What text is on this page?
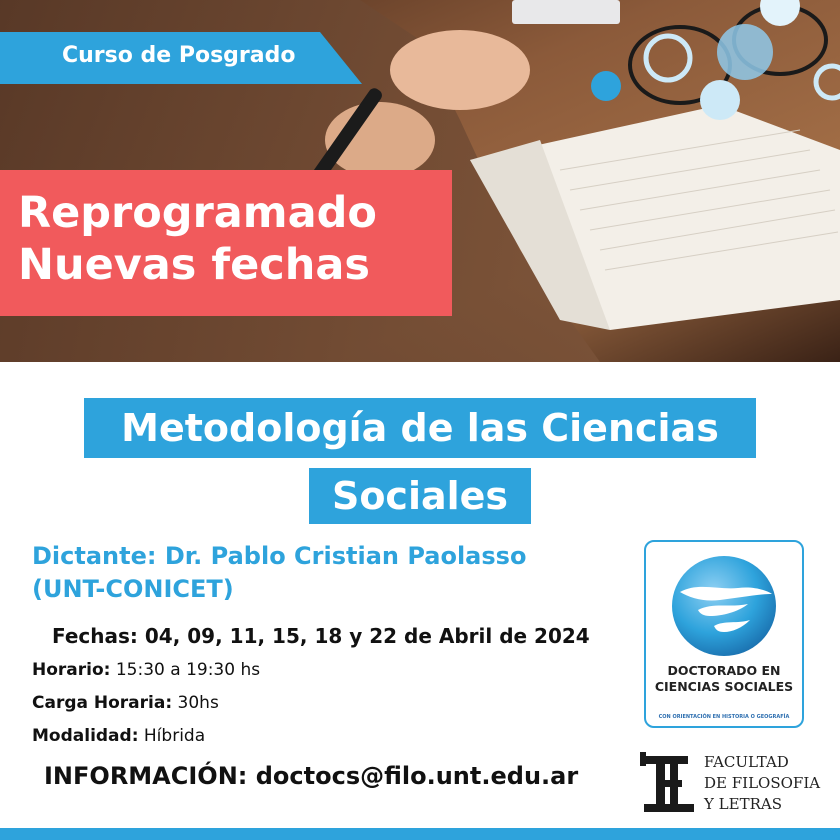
Curso de Posgrado
Reprogramado
Nuevas fechas
Metodología de las Ciencias
Sociales
Dictante: Dr. Pablo Cristian Paolasso
(UNT-CONICET)
Fechas: 04, 09, 11, 15, 18 y 22 de Abril de 2024
Horario: 15:30 a 19:30 hs
Carga Horaria: 30hs
Modalidad: Híbrida
INFORMACIÓN: doctocs@filo.unt.edu.ar
DOCTORADO EN
CIENCIAS SOCIALES
CON ORIENTACIÓN EN HISTORIA O GEOGRAFÍA
FACULTAD
DE FILOSOFIA
Y LETRAS
